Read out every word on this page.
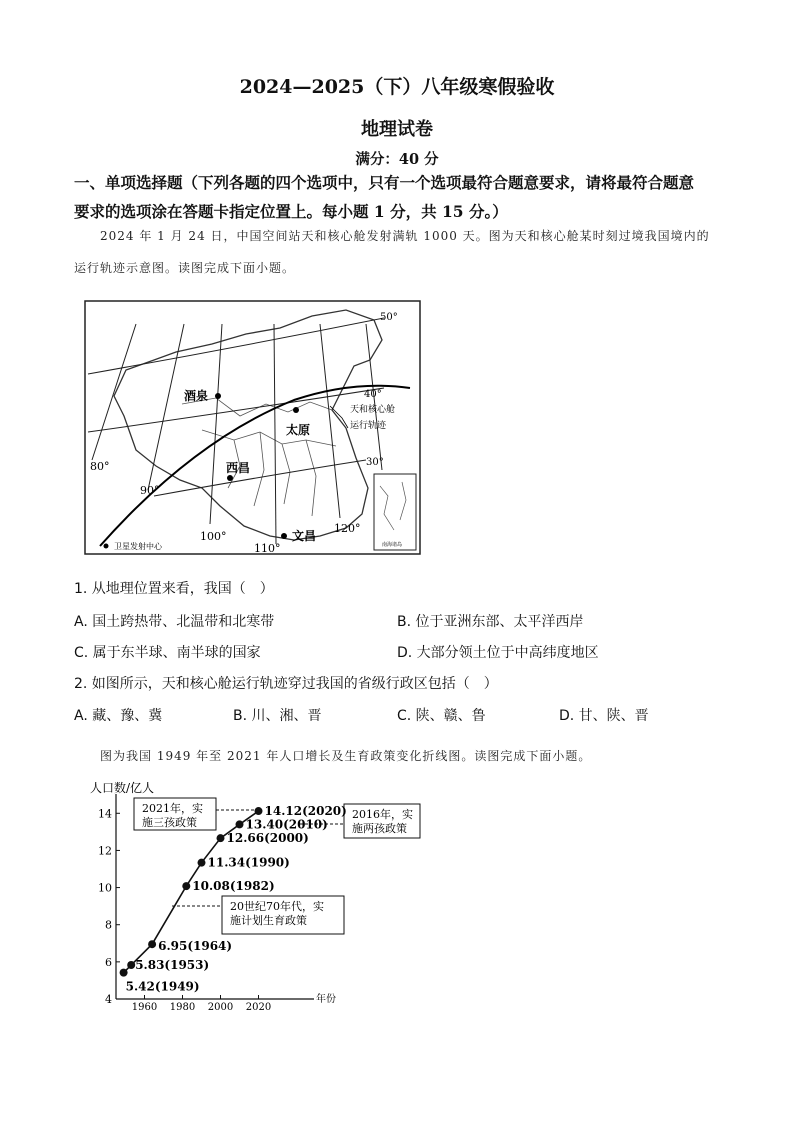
2024—2025（下）八年级寒假验收
地理试卷
满分：40 分
一、单项选择题（下列各题的四个选项中，只有一个选项最符合题意要求，请将最符合题意
要求的选项涂在答题卡指定位置上。每小题 1 分，共 15 分。）
2024 年 1 月 24 日，中国空间站天和核心舱发射满轨 1000 天。图为天和核心舱某时刻过境我国境内的
运行轨迹示意图。读图完成下面小题。
50°
40°
30°
80°
90°
100°
110°
120°
酒泉
太原
西昌
文昌
天和核心舱
运行轨迹
卫星发射中心	南海诸岛
1. 从地理位置来看，我国（　）
A. 国土跨热带、北温带和北寒带	B. 位于亚洲东部、太平洋西岸
C. 属于东半球、南半球的国家	D. 大部分领土位于中高纬度地区
2. 如图所示，天和核心舱运行轨迹穿过我国的省级行政区包括（　）
A. 藏、豫、冀	B. 川、湘、晋	C. 陕、赣、鲁	D. 甘、陕、晋
图为我国 1949 年至 2021 年人口增长及生育政策变化折线图。读图完成下面小题。
人口数/亿人
年份
4
6
8
10
12
14
1960 1980 2000 2020
2021年，实
施三孩政策
2016年，实
施两孩政策
20世纪70年代，实
施计划生育政策
5.42(1949)
5.83(1953)
6.95(1964)
10.08(1982)
11.34(1990)
12.66(2000)
13.40(2010)
14.12(2020)
